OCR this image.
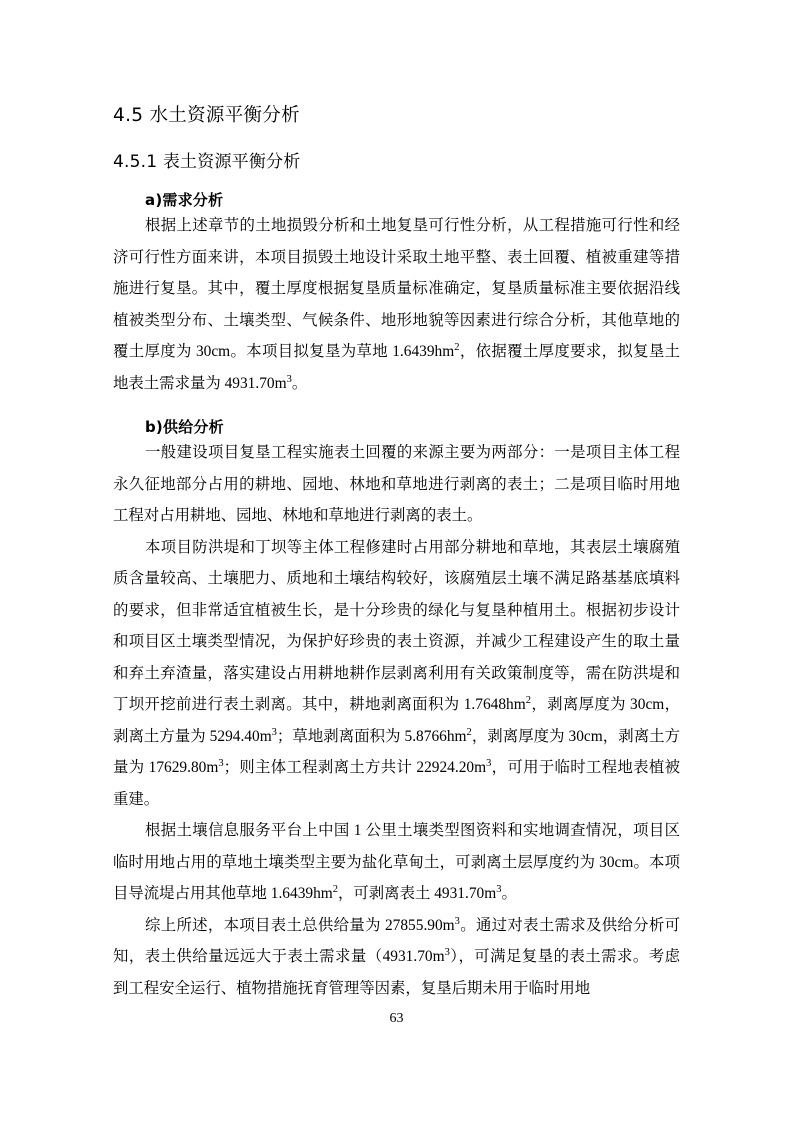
4.5 水土资源平衡分析
4.5.1 表土资源平衡分析
a)需求分析

根据上述章节的土地损毁分析和土地复垦可行性分析，从工程措施可行性和经济可行性方面来讲，本项目损毁土地设计采取土地平整、表土回覆、植被重建等措施进行复垦。其中，覆土厚度根据复垦质量标准确定，复垦质量标准主要依据沿线植被类型分布、土壤类型、气候条件、地形地貌等因素进行综合分析，其他草地的覆土厚度为 30cm。本项目拟复垦为草地 $1.6439hm^2$，依据覆土厚度要求，拟复垦土地表土需求量为 $4931.70m^3$。

b)供给分析

一般建设项目复垦工程实施表土回覆的来源主要为两部分：一是项目主体工程永久征地部分占用的耕地、园地、林地和草地进行剥离的表土；二是项目临时用地工程对占用耕地、园地、林地和草地进行剥离的表土。

本项目防洪堤和丁坝等主体工程修建时占用部分耕地和草地，其表层土壤腐殖质含量较高、土壤肥力、质地和土壤结构较好，该腐殖层土壤不满足路基基底填料的要求，但非常适宜植被生长，是十分珍贵的绿化与复垦种植用土。根据初步设计和项目区土壤类型情况，为保护好珍贵的表土资源，并减少工程建设产生的取土量和弃土弃渣量，落实建设占用耕地耕作层剥离利用有关政策制度等，需在防洪堤和丁坝开挖前进行表土剥离。其中，耕地剥离面积为 $1.7648hm^2$，剥离厚度为 30cm，剥离土方量为 $5294.40m^3$；草地剥离面积为 $5.8766hm^2$，剥离厚度为 30cm，剥离土方量为 $17629.80m^3$；则主体工程剥离土方共计 $22924.20m^3$，可用于临时工程地表植被重建。

根据土壤信息服务平台上中国 1 公里土壤类型图资料和实地调查情况，项目区临时用地占用的草地土壤类型主要为盐化草甸土，可剥离土层厚度约为 30cm。本项目导流堤占用其他草地 $1.6439hm^2$，可剥离表土 $4931.70m^3$。

综上所述，本项目表土总供给量为 $27855.90m^3$。通过对表土需求及供给分析可知，表土供给量远远大于表土需求量$(4931.70m^3)$，可满足复垦的表土需求。考虑到工程安全运行、植物措施抚育管理等因素，复垦后期未用于临时用地

63
